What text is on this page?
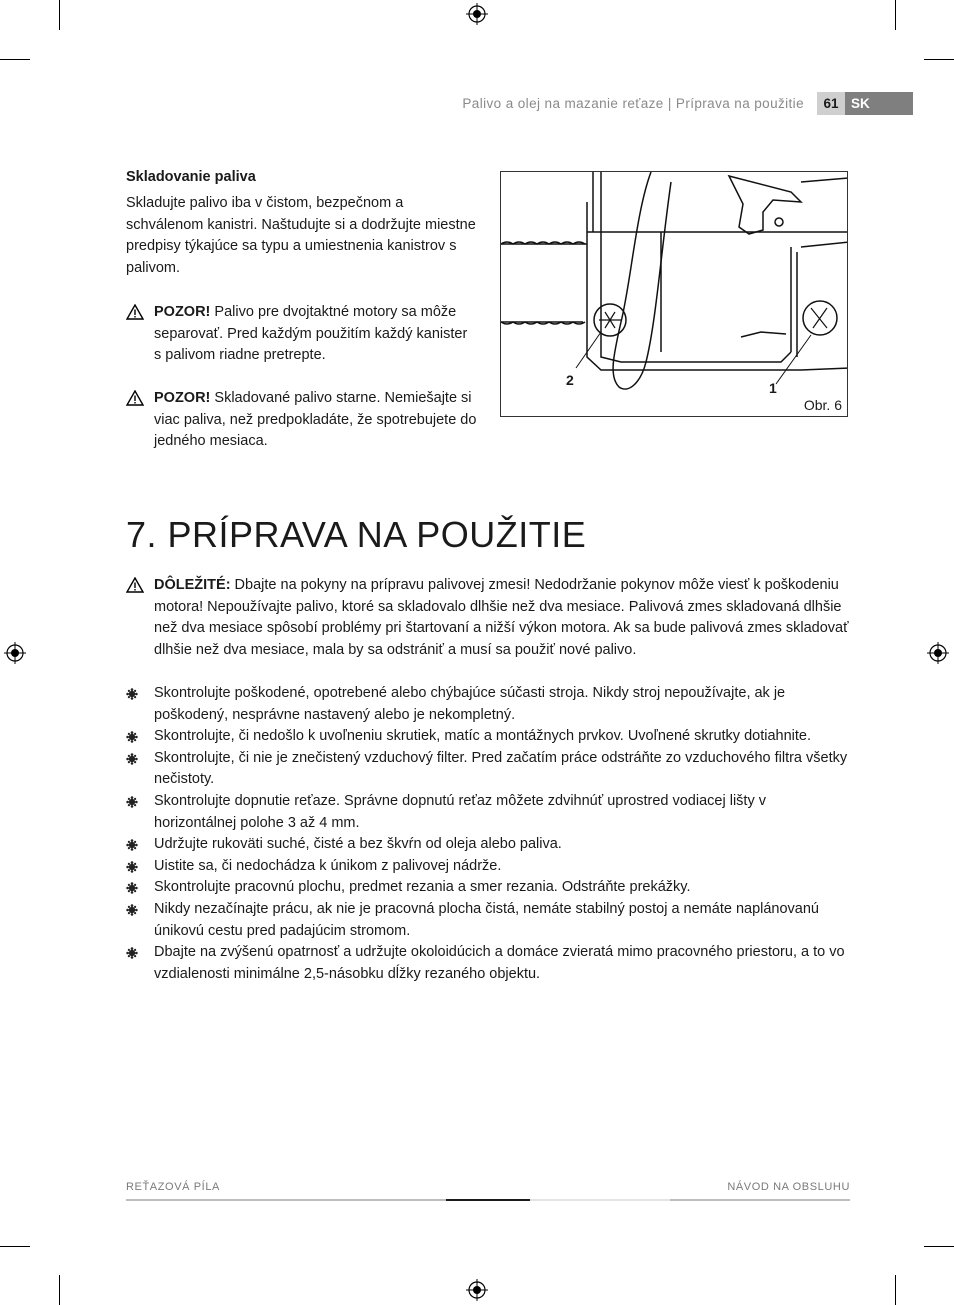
Palivo a olej na mazanie reťaze | Príprava na použitie	61 SK
Skladovanie paliva
Skladujte palivo iba v čistom, bezpečnom a schválenom kanistri. Naštudujte si a dodržujte miestne predpisy týkajúce sa typu a umiestnenia kanistrov s palivom.
POZOR! Palivo pre dvojtaktné motory sa môže separovať. Pred každým použitím každý kanister s palivom riadne pretrepte.
POZOR! Skladované palivo starne. Nemiešajte si viac paliva, než predpokladáte, že spotrebujete do jedného mesiaca.
2	1
Obr. 6
7. PRÍPRAVA NA POUŽITIE
DÔLEŽITÉ: Dbajte na pokyny na prípravu palivovej zmesi! Nedodržanie pokynov môže viesť k poškodeniu motora! Nepoužívajte palivo, ktoré sa skladovalo dlhšie než dva mesiace. Palivová zmes skladovaná dlhšie než dva mesiace spôsobí problémy pri štartovaní a nižší výkon motora. Ak sa bude palivová zmes skladovať dlhšie než dva mesiace, mala by sa odstrániť a musí sa použiť nové palivo.
Skontrolujte poškodené, opotrebené alebo chýbajúce súčasti stroja. Nikdy stroj nepoužívajte, ak je poškodený, nesprávne nastavený alebo je nekompletný.
Skontrolujte, či nedošlo k uvoľneniu skrutiek, matíc a montážnych prvkov. Uvoľnené skrutky dotiahnite.
Skontrolujte, či nie je znečistený vzduchový filter. Pred začatím práce odstráňte zo vzduchového filtra všetky nečistoty.
Skontrolujte dopnutie reťaze. Správne dopnutú reťaz môžete zdvihnúť uprostred vodiacej lišty v horizontálnej polohe 3 až 4 mm.
Udržujte rukoväti suché, čisté a bez škvŕn od oleja alebo paliva.
Uistite sa, či nedochádza k únikom z palivovej nádrže.
Skontrolujte pracovnú plochu, predmet rezania a smer rezania. Odstráňte prekážky.
Nikdy nezačínajte prácu, ak nie je pracovná plocha čistá, nemáte stabilný postoj a nemáte naplánovanú únikovú cestu pred padajúcim stromom.
Dbajte na zvýšenú opatrnosť a udržujte okoloidúcich a domáce zvieratá mimo pracovného priestoru, a to vo vzdialenosti minimálne 2,5-násobku dĺžky rezaného objektu.
REŤAZOVÁ PÍLA	NÁVOD NA OBSLUHU
